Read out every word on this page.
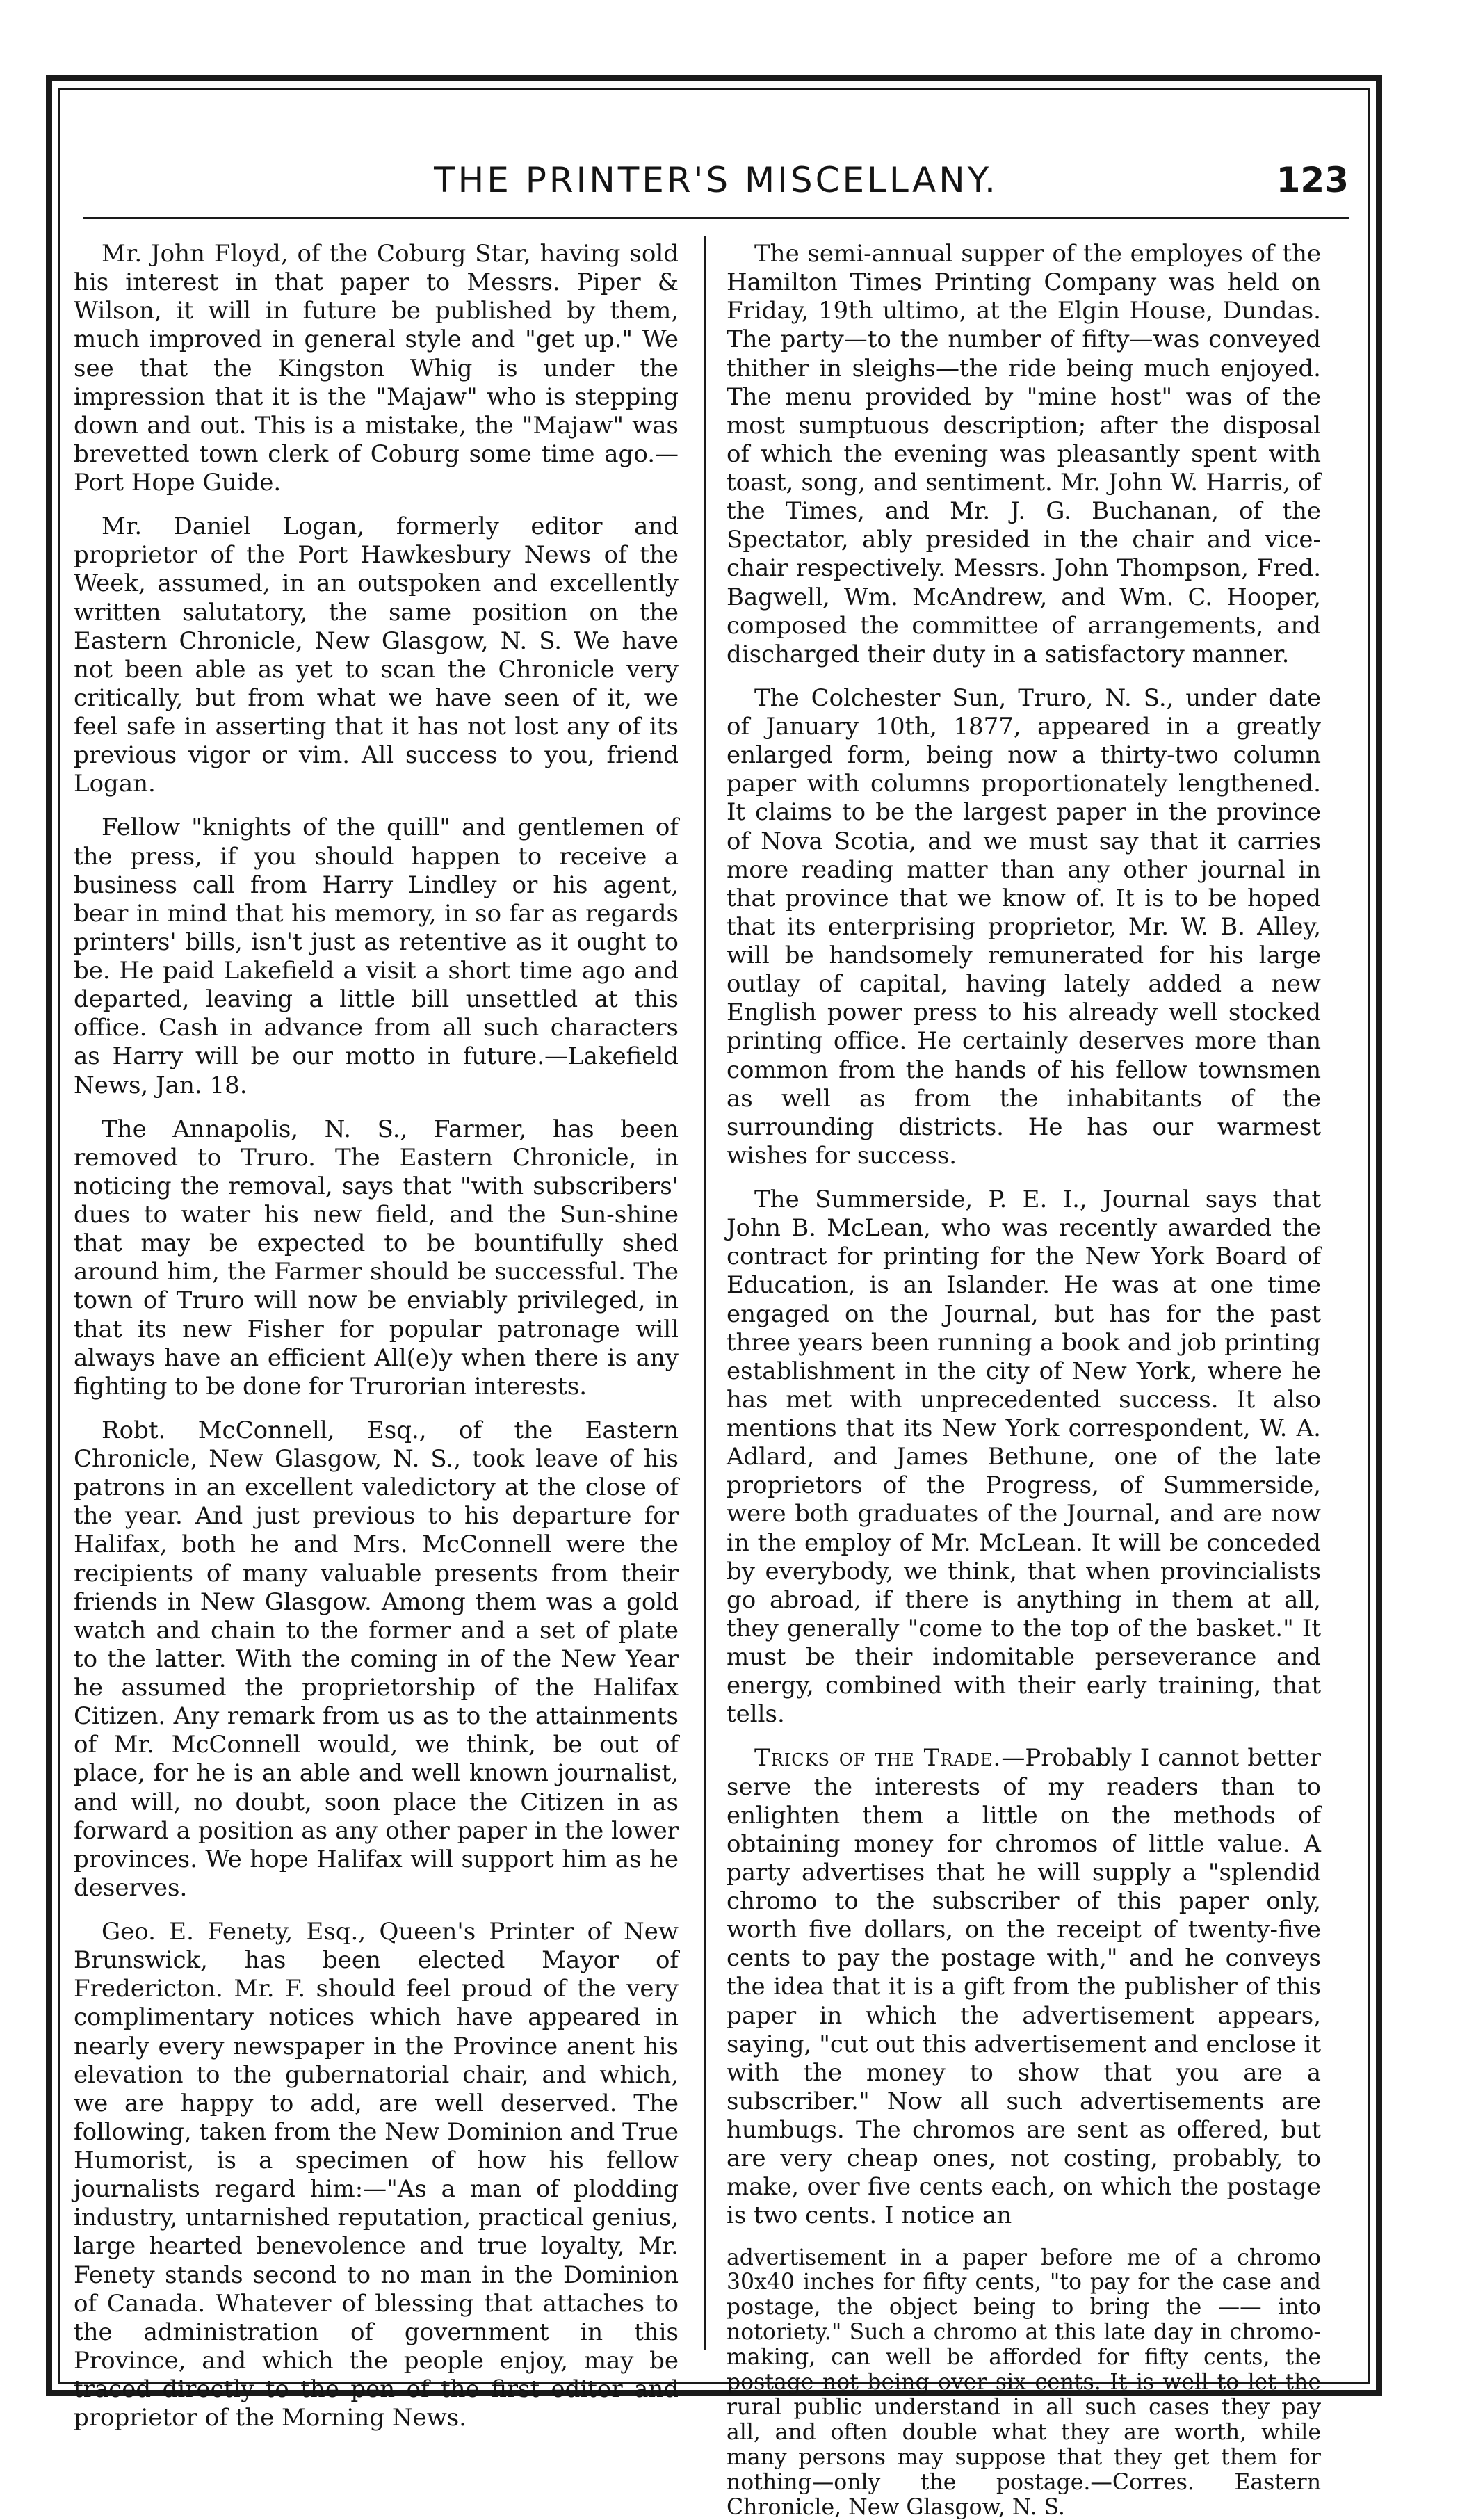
THE PRINTER'S MISCELLANY.	123

Mr. John Floyd, of the Coburg Star, having sold his interest in that paper to Messrs. Piper & Wilson, it will in future be published by them, much improved in general style and "get up." We see that the Kingston Whig is under the impression that it is the "Majaw" who is stepping down and out. This is a mistake, the "Majaw" was brevetted town clerk of Coburg some time ago.—Port Hope Guide.

Mr. Daniel Logan, formerly editor and proprietor of the Port Hawkesbury News of the Week, assumed, in an outspoken and excellently written salutatory, the same position on the Eastern Chronicle, New Glasgow, N. S. We have not been able as yet to scan the Chronicle very critically, but from what we have seen of it, we feel safe in asserting that it has not lost any of its previous vigor or vim. All success to you, friend Logan.

Fellow "knights of the quill" and gentlemen of the press, if you should happen to receive a business call from Harry Lindley or his agent, bear in mind that his memory, in so far as regards printers' bills, isn't just as retentive as it ought to be. He paid Lakefield a visit a short time ago and departed, leaving a little bill unsettled at this office. Cash in advance from all such characters as Harry will be our motto in future.—Lakefield News, Jan. 18.

The Annapolis, N. S., Farmer, has been removed to Truro. The Eastern Chronicle, in noticing the removal, says that "with subscribers' dues to water his new field, and the Sun-shine that may be expected to be bountifully shed around him, the Farmer should be successful. The town of Truro will now be enviably privileged, in that its new Fisher for popular patronage will always have an efficient All(e)y when there is any fighting to be done for Trurorian interests.

Robt. McConnell, Esq., of the Eastern Chronicle, New Glasgow, N. S., took leave of his patrons in an excellent valedictory at the close of the year. And just previous to his departure for Halifax, both he and Mrs. McConnell were the recipients of many valuable presents from their friends in New Glasgow. Among them was a gold watch and chain to the former and a set of plate to the latter. With the coming in of the New Year he assumed the proprietorship of the Halifax Citizen. Any remark from us as to the attainments of Mr. McConnell would, we think, be out of place, for he is an able and well known journalist, and will, no doubt, soon place the Citizen in as forward a position as any other paper in the lower provinces. We hope Halifax will support him as he deserves.

Geo. E. Fenety, Esq., Queen's Printer of New Brunswick, has been elected Mayor of Fredericton. Mr. F. should feel proud of the very complimentary notices which have appeared in nearly every newspaper in the Province anent his elevation to the gubernatorial chair, and which, we are happy to add, are well deserved. The following, taken from the New Dominion and True Humorist, is a specimen of how his fellow journalists regard him:—"As a man of plodding industry, untarnished reputation, practical genius, large hearted benevolence and true loyalty, Mr. Fenety stands second to no man in the Dominion of Canada. Whatever of blessing that attaches to the administration of government in this Province, and which the people enjoy, may be traced directly to the pen of the first editor and proprietor of the Morning News.

The semi-annual supper of the employes of the Hamilton Times Printing Company was held on Friday, 19th ultimo, at the Elgin House, Dundas. The party—to the number of fifty—was conveyed thither in sleighs—the ride being much enjoyed. The menu provided by "mine host" was of the most sumptuous description; after the disposal of which the evening was pleasantly spent with toast, song, and sentiment. Mr. John W. Harris, of the Times, and Mr. J. G. Buchanan, of the Spectator, ably presided in the chair and vice-chair respectively. Messrs. John Thompson, Fred. Bagwell, Wm. McAndrew, and Wm. C. Hooper, composed the committee of arrangements, and discharged their duty in a satisfactory manner.

The Colchester Sun, Truro, N. S., under date of January 10th, 1877, appeared in a greatly enlarged form, being now a thirty-two column paper with columns proportionately lengthened. It claims to be the largest paper in the province of Nova Scotia, and we must say that it carries more reading matter than any other journal in that province that we know of. It is to be hoped that its enterprising proprietor, Mr. W. B. Alley, will be handsomely remunerated for his large outlay of capital, having lately added a new English power press to his already well stocked printing office. He certainly deserves more than common from the hands of his fellow townsmen as well as from the inhabitants of the surrounding districts. He has our warmest wishes for success.

The Summerside, P. E. I., Journal says that John B. McLean, who was recently awarded the contract for printing for the New York Board of Education, is an Islander. He was at one time engaged on the Journal, but has for the past three years been running a book and job printing establishment in the city of New York, where he has met with unprecedented success. It also mentions that its New York correspondent, W. A. Adlard, and James Bethune, one of the late proprietors of the Progress, of Summerside, were both graduates of the Journal, and are now in the employ of Mr. McLean. It will be conceded by everybody, we think, that when provincialists go abroad, if there is anything in them at all, they generally "come to the top of the basket." It must be their indomitable perseverance and energy, combined with their early training, that tells.

Tricks of the Trade.—Probably I cannot better serve the interests of my readers than to enlighten them a little on the methods of obtaining money for chromos of little value. A party advertises that he will supply a "splendid chromo to the subscriber of this paper only, worth five dollars, on the receipt of twenty-five cents to pay the postage with," and he conveys the idea that it is a gift from the publisher of this paper in which the advertisement appears, saying, "cut out this advertisement and enclose it with the money to show that you are a subscriber." Now all such advertisements are humbugs. The chromos are sent as offered, but are very cheap ones, not costing, probably, to make, over five cents each, on which the postage is two cents. I notice an

advertisement in a paper before me of a chromo 30x40 inches for fifty cents, "to pay for the case and postage, the object being to bring the —— into notoriety." Such a chromo at this late day in chromo-making, can well be afforded for fifty cents, the postage not being over six cents. It is well to let the rural public understand in all such cases they pay all, and often double what they are worth, while many persons may suppose that they get them for nothing—only the postage.—Corres. Eastern Chronicle, New Glasgow, N. S.
